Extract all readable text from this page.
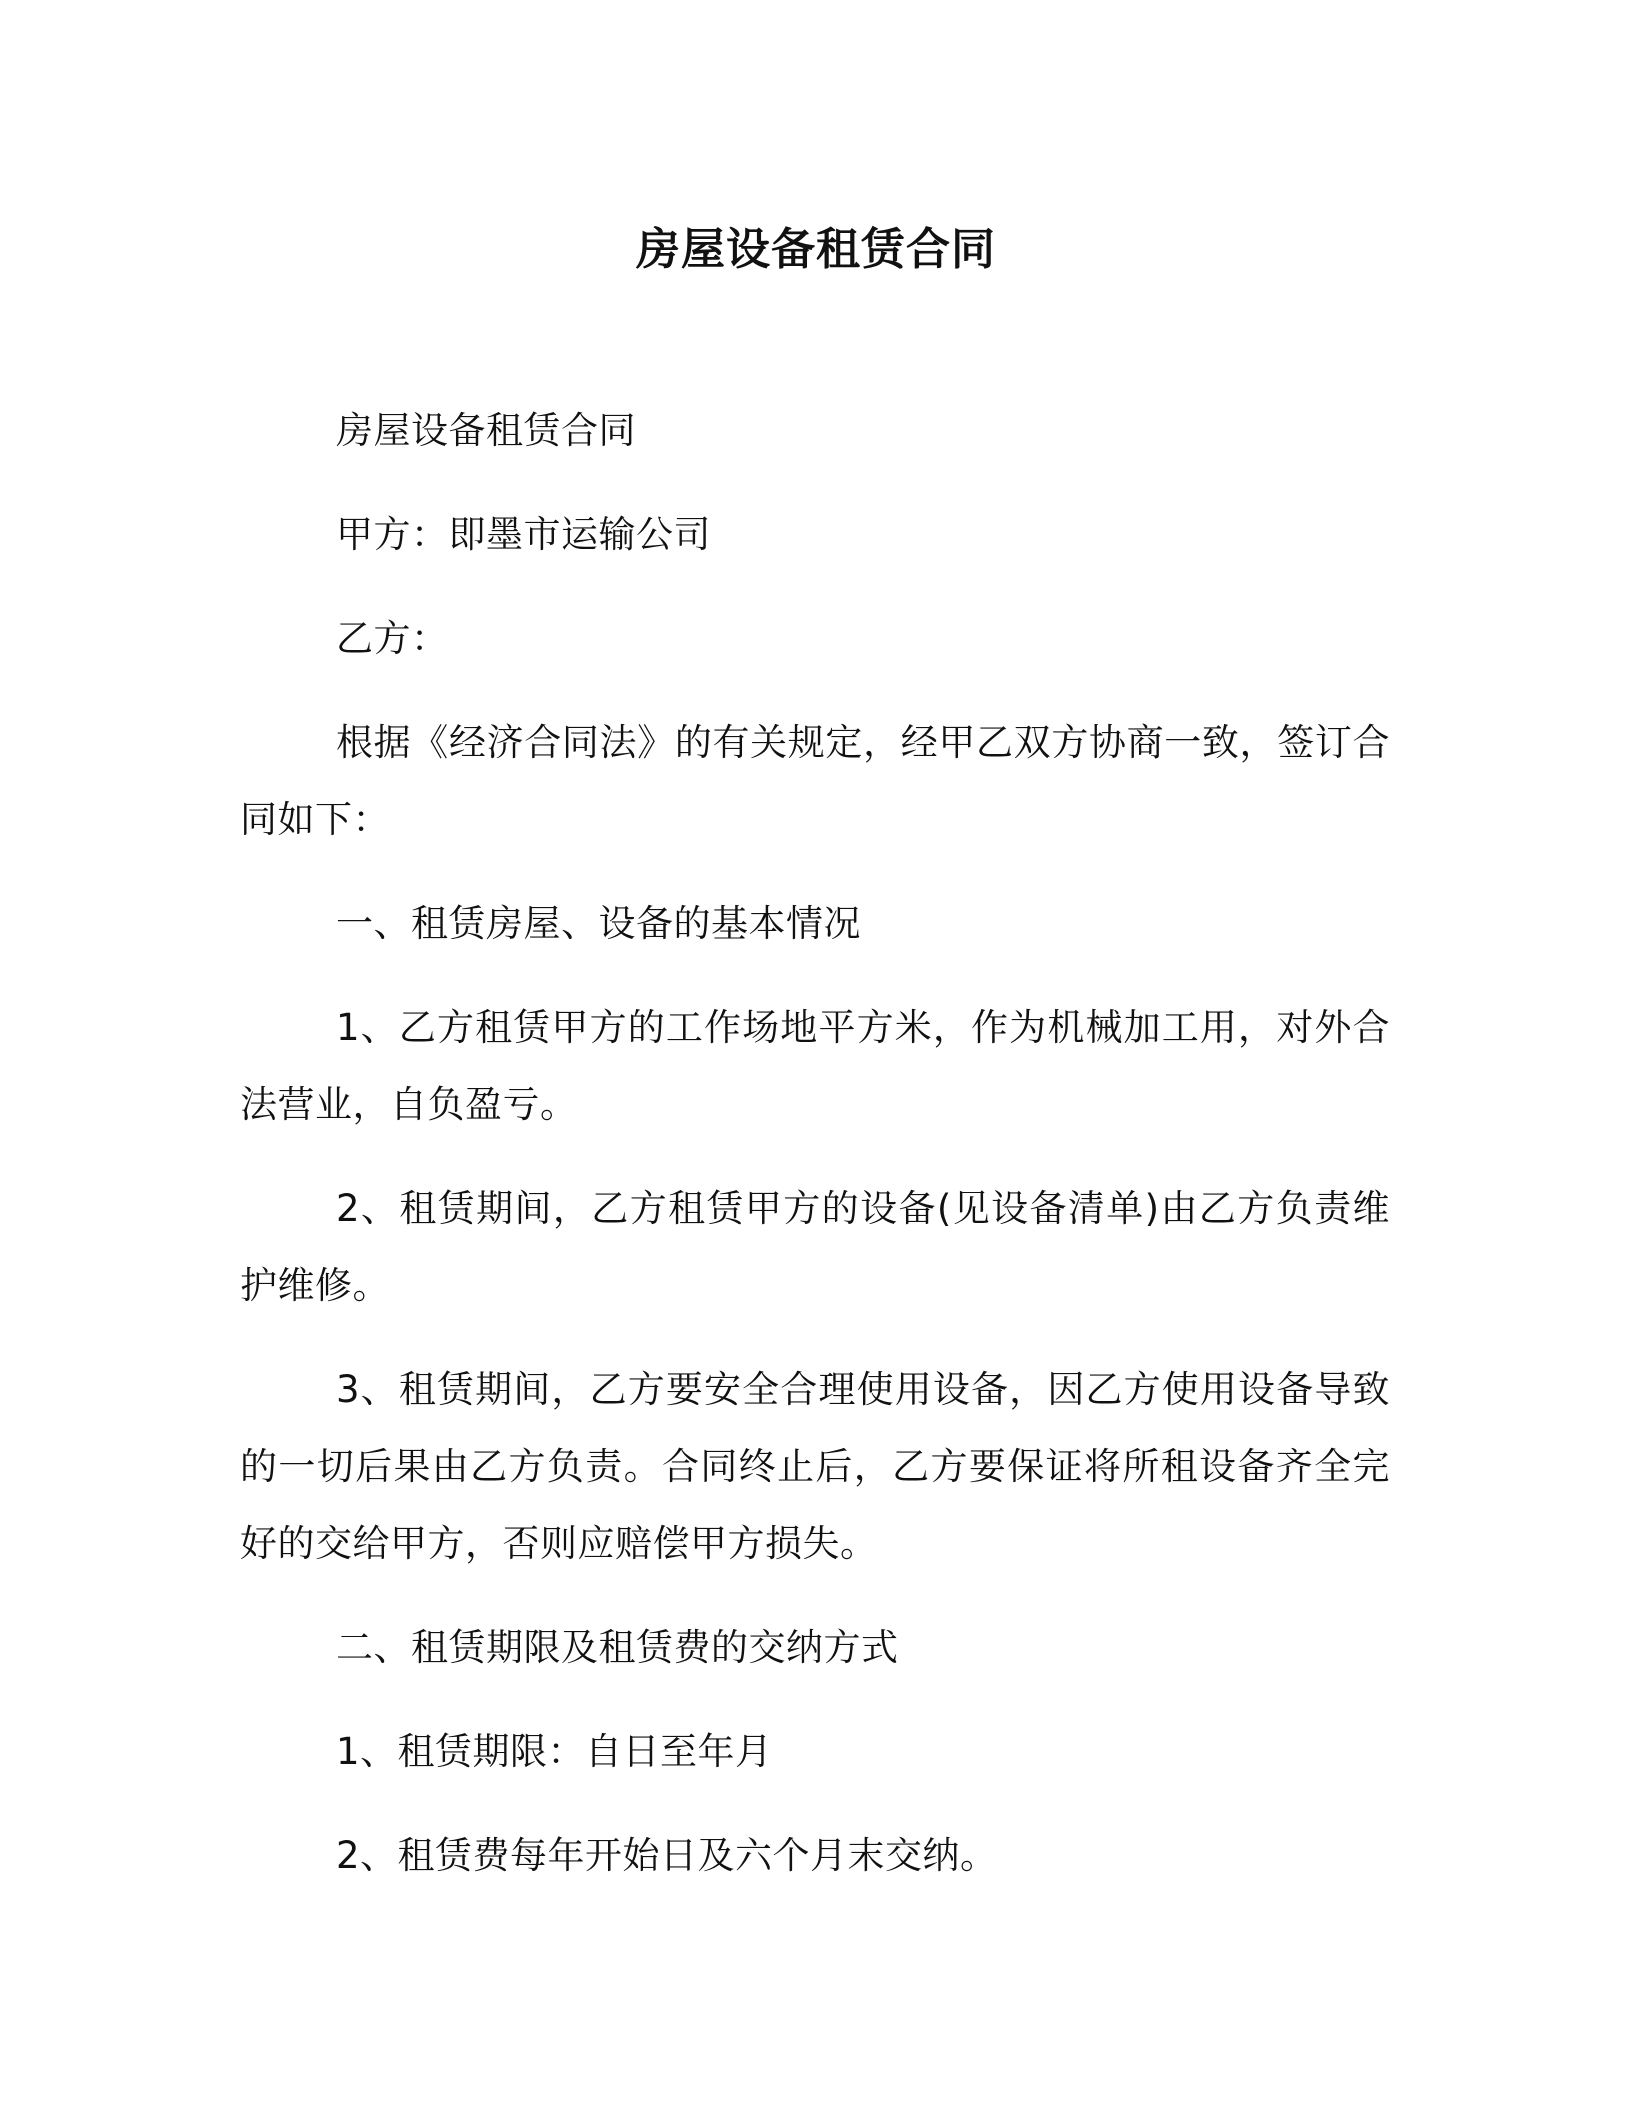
房屋设备租赁合同

房屋设备租赁合同

甲方：即墨市运输公司

乙方：

根据《经济合同法》的有关规定，经甲乙双方协商一致，签订合同如下：

一、租赁房屋、设备的基本情况

1、乙方租赁甲方的工作场地平方米，作为机械加工用，对外合法营业，自负盈亏。

2、租赁期间，乙方租赁甲方的设备(见设备清单)由乙方负责维护维修。

3、租赁期间，乙方要安全合理使用设备，因乙方使用设备导致的一切后果由乙方负责。合同终止后，乙方要保证将所租设备齐全完好的交给甲方，否则应赔偿甲方损失。

二、租赁期限及租赁费的交纳方式

1、租赁期限：自日至年月

2、租赁费每年开始日及六个月末交纳。
